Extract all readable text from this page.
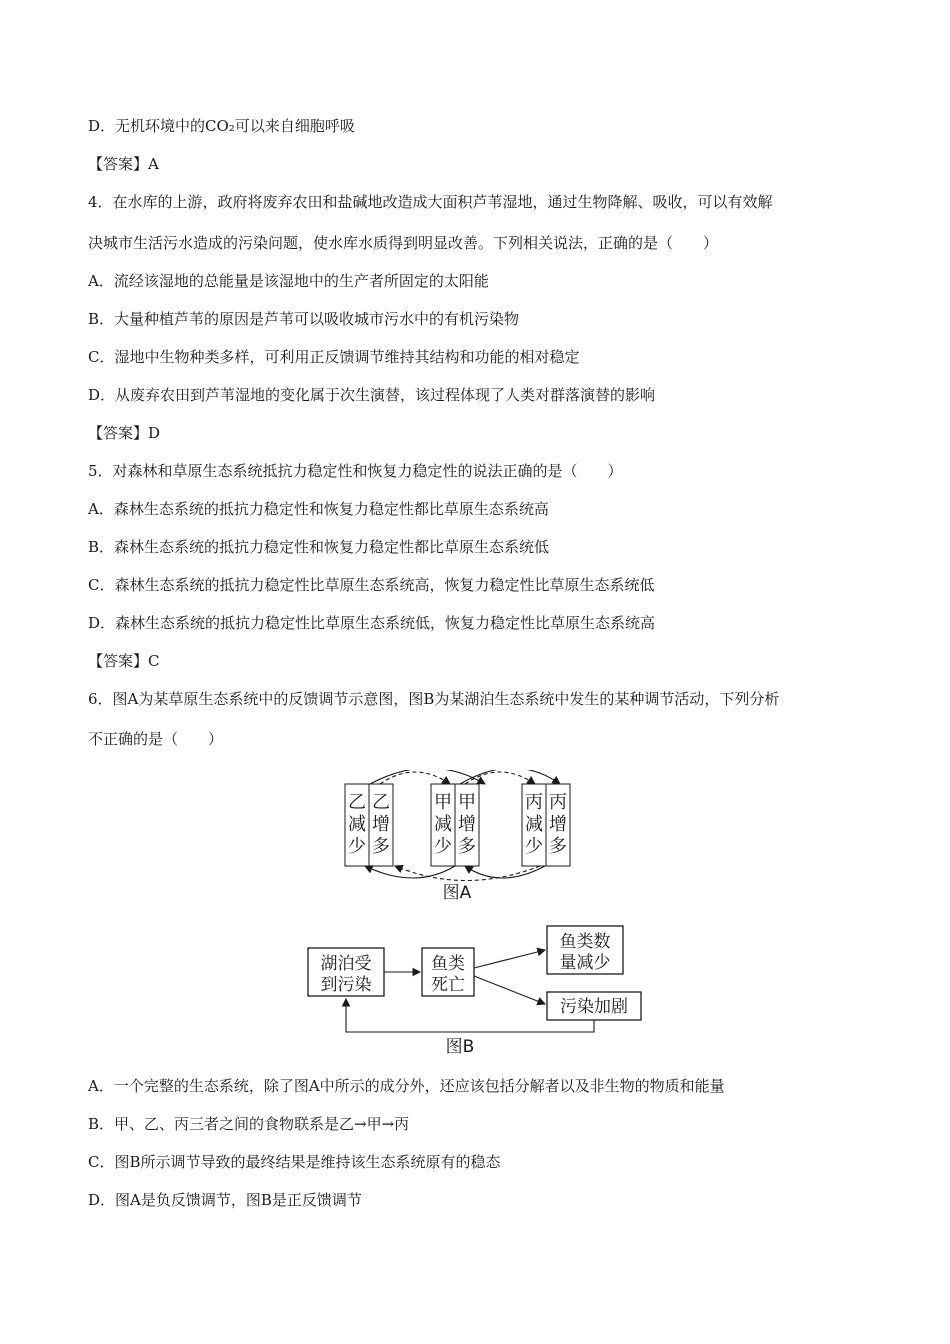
D．无机环境中的CO₂可以来自细胞呼吸
【答案】A
4．在水库的上游，政府将废弃农田和盐碱地改造成大面积芦苇湿地，通过生物降解、吸收，可以有效解
决城市生活污水造成的污染问题，使水库水质得到明显改善。下列相关说法，正确的是（　　）
A．流经该湿地的总能量是该湿地中的生产者所固定的太阳能
B．大量种植芦苇的原因是芦苇可以吸收城市污水中的有机污染物
C．湿地中生物种类多样，可利用正反馈调节维持其结构和功能的相对稳定
D．从废弃农田到芦苇湿地的变化属于次生演替，该过程体现了人类对群落演替的影响
【答案】D
5．对森林和草原生态系统抵抗力稳定性和恢复力稳定性的说法正确的是（　　）
A．森林生态系统的抵抗力稳定性和恢复力稳定性都比草原生态系统高
B．森林生态系统的抵抗力稳定性和恢复力稳定性都比草原生态系统低
C．森林生态系统的抵抗力稳定性比草原生态系统高，恢复力稳定性比草原生态系统低
D．森林生态系统的抵抗力稳定性比草原生态系统低，恢复力稳定性比草原生态系统高
【答案】C
6．图A为某草原生态系统中的反馈调节示意图，图B为某湖泊生态系统中发生的某种调节活动，下列分析
不正确的是（　　）
乙减少
乙增多
甲减少
甲增多
丙减少
丙增多
图A
湖泊受
到污染
鱼类
死亡
鱼类数
量减少
污染加剧
图B
A．一个完整的生态系统，除了图A中所示的成分外，还应该包括分解者以及非生物的物质和能量
B．甲、乙、丙三者之间的食物联系是乙→甲→丙
C．图B所示调节导致的最终结果是维持该生态系统原有的稳态
D．图A是负反馈调节，图B是正反馈调节
